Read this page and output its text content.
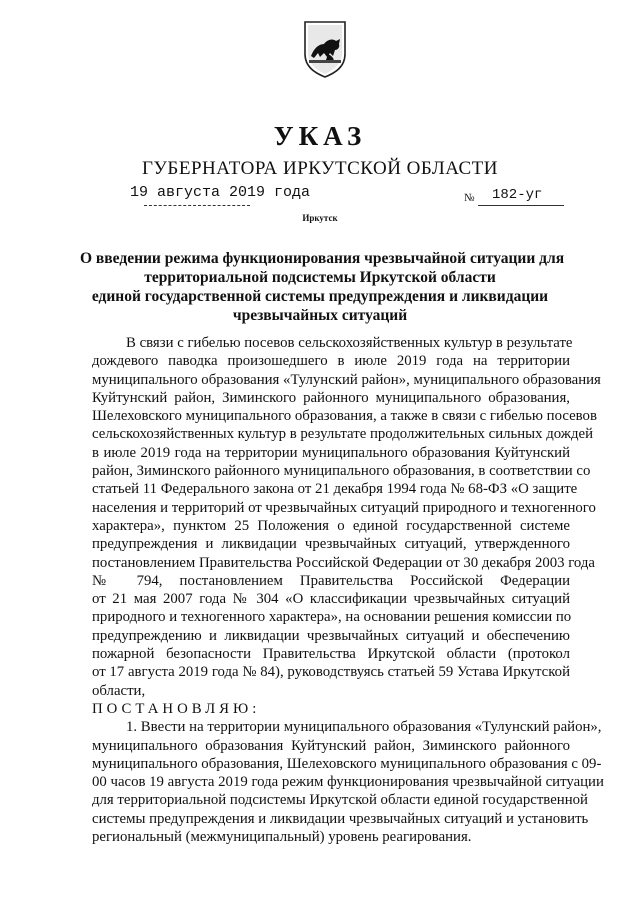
УКАЗ
ГУБЕРНАТОРА ИРКУТСКОЙ ОБЛАСТИ
19 августа 2019 года	№ 182-уг
Иркутск
О введении режима функционирования чрезвычайной ситуации для
территориальной подсистемы Иркутской области
единой государственной системы предупреждения и ликвидации
чрезвычайных ситуаций
В связи с гибелью посевов сельскохозяйственных культур в результате
дождевого паводка произошедшего в июле 2019 года на территории
муниципального образования «Тулунский район», муниципального образования
Куйтунский район, Зиминского районного муниципального образования,
Шелеховского муниципального образования, а также в связи с гибелью посевов
сельскохозяйственных культур в результате продолжительных сильных дождей
в июле 2019 года на территории муниципального образования Куйтунский
район, Зиминского районного муниципального образования, в соответствии со
статьей 11 Федерального закона от 21 декабря 1994 года № 68-ФЗ «О защите
населения и территорий от чрезвычайных ситуаций природного и техногенного
характера», пунктом 25 Положения о единой государственной системе
предупреждения и ликвидации чрезвычайных ситуаций, утвержденного
постановлением Правительства Российской Федерации от 30 декабря 2003 года
№ 794, постановлением Правительства Российской Федерации
от 21 мая 2007 года № 304 «О классификации чрезвычайных ситуаций
природного и техногенного характера», на основании решения комиссии по
предупреждению и ликвидации чрезвычайных ситуаций и обеспечению
пожарной безопасности Правительства Иркутской области (протокол
от 17 августа 2019 года № 84), руководствуясь статьей 59 Устава Иркутской
области,
ПОСТАНОВЛЯЮ:
1. Ввести на территории муниципального образования «Тулунский район»,
муниципального образования Куйтунский район, Зиминского районного
муниципального образования, Шелеховского муниципального образования с 09-
00 часов 19 августа 2019 года режим функционирования чрезвычайной ситуации
для территориальной подсистемы Иркутской области единой государственной
системы предупреждения и ликвидации чрезвычайных ситуаций и установить
региональный (межмуниципальный) уровень реагирования.
